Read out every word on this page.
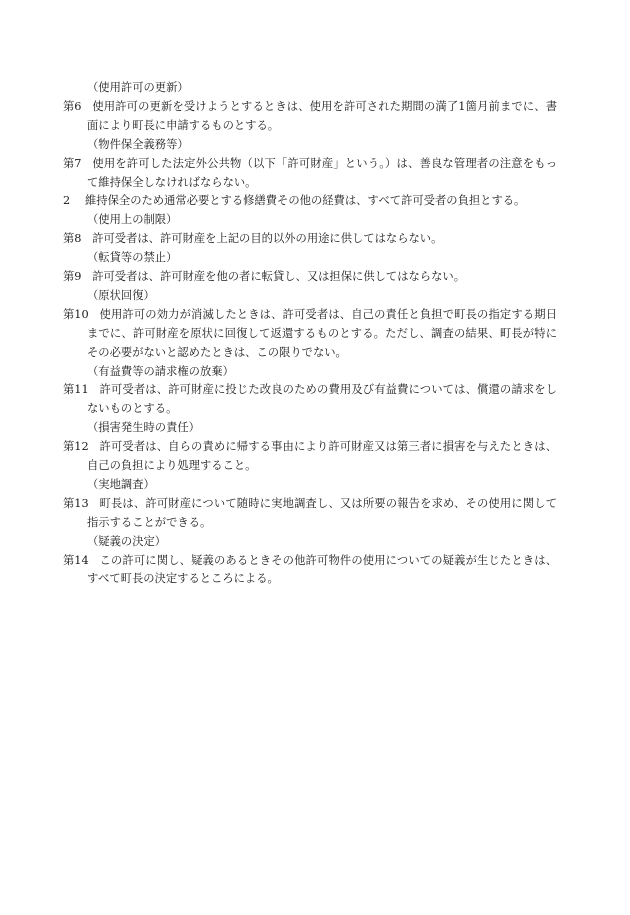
（使用許可の更新）
第6 使用許可の更新を受けようとするときは、使用を許可された期間の満了1箇月前までに、書面により町長に申請するものとする。
（物件保全義務等）
第7 使用を許可した法定外公共物（以下「許可財産」という。）は、善良な管理者の注意をもって維持保全しなければならない。
2 維持保全のため通常必要とする修繕費その他の経費は、すべて許可受者の負担とする。
（使用上の制限）
第8 許可受者は、許可財産を上記の目的以外の用途に供してはならない。
（転貸等の禁止）
第9 許可受者は、許可財産を他の者に転貸し、又は担保に供してはならない。
（原状回復）
第10 使用許可の効力が消滅したときは、許可受者は、自己の責任と負担で町長の指定する期日までに、許可財産を原状に回復して返還するものとする。ただし、調査の結果、町長が特にその必要がないと認めたときは、この限りでない。
（有益費等の請求権の放棄）
第11 許可受者は、許可財産に投じた改良のための費用及び有益費については、償還の請求をしないものとする。
（損害発生時の責任）
第12 許可受者は、自らの責めに帰する事由により許可財産又は第三者に損害を与えたときは、自己の負担により処理すること。
（実地調査）
第13 町長は、許可財産について随時に実地調査し、又は所要の報告を求め、その使用に関して指示することができる。
（疑義の決定）
第14 この許可に関し、疑義のあるときその他許可物件の使用についての疑義が生じたときは、すべて町長の決定するところによる。
